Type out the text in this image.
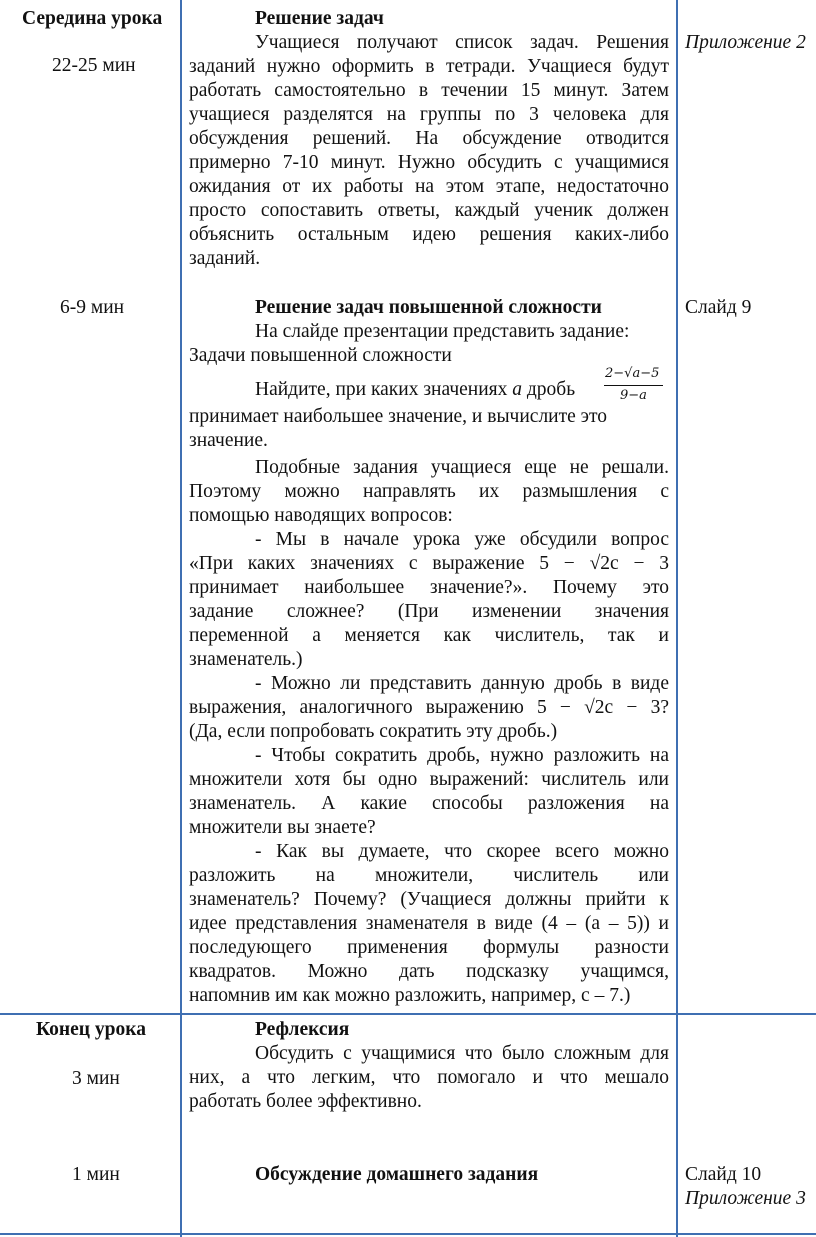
Середина урока
22-25 мин
6-9 мин
Решение задач
Учащиеся получают список задач. Решения
заданий нужно оформить в тетради. Учащиеся будут
работать самостоятельно в течении 15 минут. Затем
учащиеся разделятся на группы по 3 человека для
обсуждения решений. На обсуждение отводится
примерно 7-10 минут. Нужно обсудить с учащимися
ожидания от их работы на этом этапе, недостаточно
просто сопоставить ответы, каждый ученик должен
объяснить остальным идею решения каких-либо
заданий.
Приложение 2
Решение задач повышенной сложности
На слайде презентации представить задание:
Задачи повышенной сложности
Слайд 9
Найдите, при каких значениях а дробь
2−√a−5
9−a
принимает наибольшее значение, и вычислите это
значение.
Подобные задания учащиеся еще не решали.
Поэтому можно направлять их размышления с
помощью наводящих вопросов:
- Мы в начале урока уже обсудили вопрос
«При каких значениях с выражение 5 − √2c − 3
принимает наибольшее значение?». Почему это
задание сложнее? (При изменении значения
переменной а меняется как числитель, так и
знаменатель.)
- Можно ли представить данную дробь в виде
выражения, аналогичного выражению 5 − √2c − 3?
(Да, если попробовать сократить эту дробь.)
- Чтобы сократить дробь, нужно разложить на
множители хотя бы одно выражений: числитель или
знаменатель. А какие способы разложения на
множители вы знаете?
- Как вы думаете, что скорее всего можно
разложить на множители, числитель или
знаменатель? Почему? (Учащиеся должны прийти к
идее представления знаменателя в виде (4 – (а – 5)) и
последующего применения формулы разности
квадратов. Можно дать подсказку учащимся,
напомнив им как можно разложить, например, с – 7.)
Конец урока
3 мин
1 мин
Рефлексия
Обсудить с учащимися что было сложным для
них, а что легким, что помогало и что мешало
работать более эффективно.
Обсуждение домашнего задания	Слайд 10
Приложение 3
